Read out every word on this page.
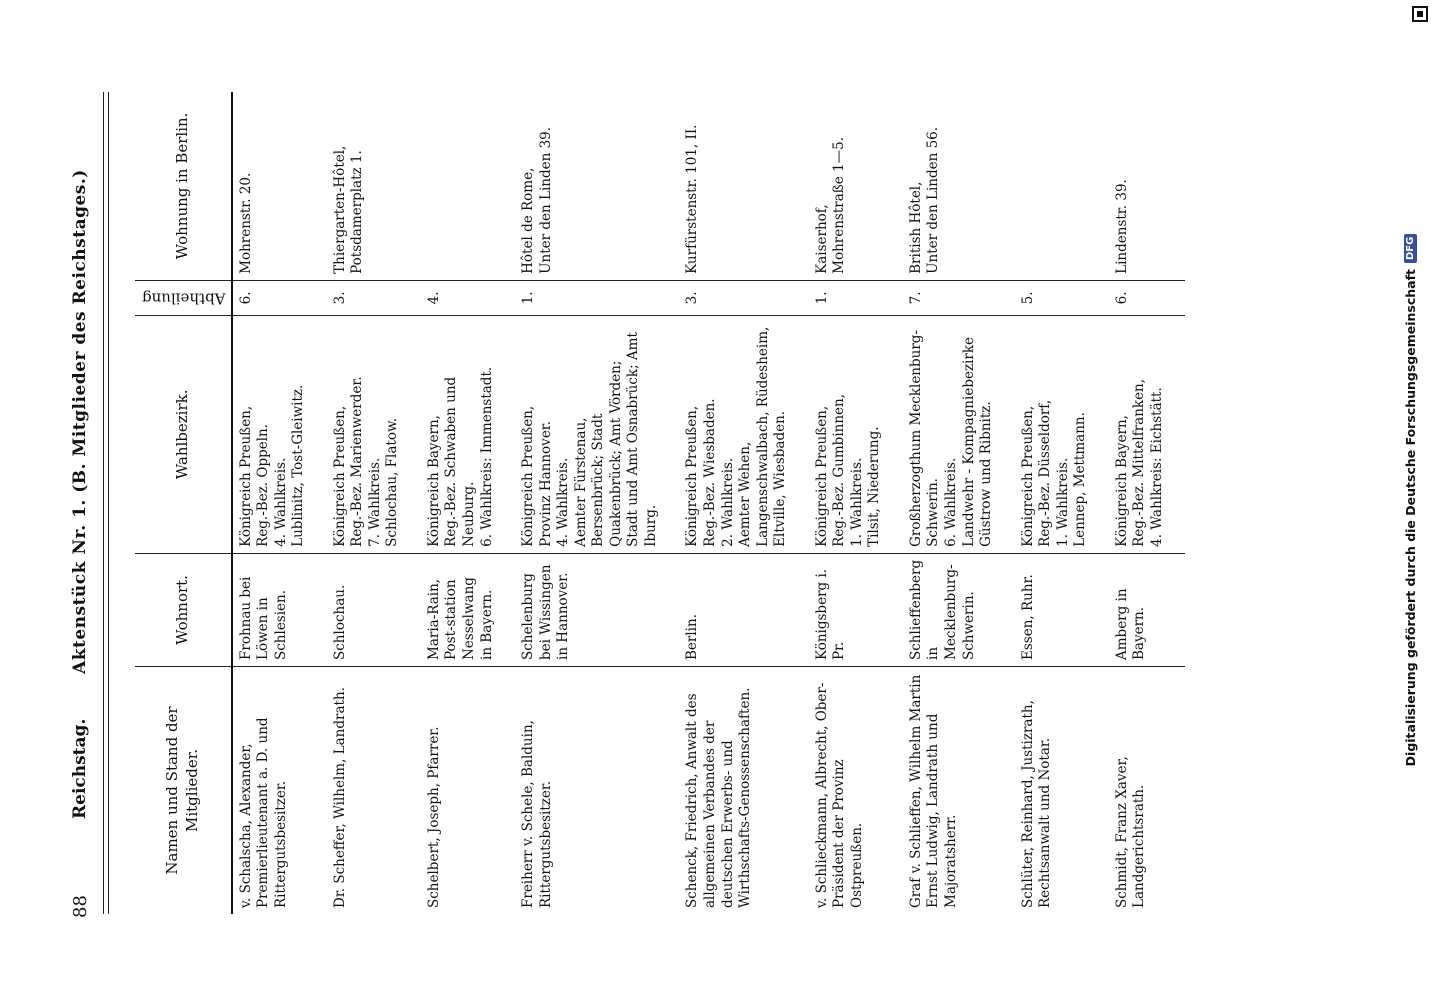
88
Reichstag.
Aktenstück Nr. 1. (B. Mitglieder des Reichstages.)
Namen und Stand der Mitglieder.	Wohnort.	Wahlbezirk.	Abtheilung	Wohnung in Berlin.
v. Schalscha, Alexander, Premierlieutenant a. D. und Rittergutsbesitzer.	Frohnau bei Löwen in Schlesien.	Königreich Preußen, Reg.-Bez. Oppeln. 4. Wahlkreis. Lublinitz, Tost-Gleiwitz.	6.	Mohrenstr. 20.

Dr. Scheffer, Wilhelm, Landrath.	Schlochau.	Königreich Preußen, Reg.-Bez. Marienwerder. 7. Wahlkreis. Schlochau, Flatow.	3.	Thiergarten-Hôtel, Potsdamerplatz 1.

Schelbert, Joseph, Pfarrer.	Maria-Rain, Post-station Nesselwang in Bayern.	Königreich Bayern, Reg.-Bez. Schwaben und Neuburg. 6. Wahlkreis: Immenstadt.	4.	

Freiherr v. Schele, Balduin, Rittergutsbesitzer.	Schelenburg bei Wissingen in Hannover.	Königreich Preußen, Provinz Hannover. 4. Wahlkreis. Aemter Fürstenau, Bersenbrück; Stadt Quakenbrück; Amt Vörden; Stadt und Amt Osnabrück; Amt Iburg.	1.	Hôtel de Rome, Unter den Linden 39.

Schenck, Friedrich, Anwalt des allgemeinen Verbandes der deutschen Erwerbs- und Wirthschafts-Genossenschaften.	Berlin.	Königreich Preußen, Reg.-Bez. Wiesbaden. 2. Wahlkreis. Aemter Wehen, Langenschwalbach, Rüdesheim, Eltville, Wiesbaden.	3.	Kurfürstenstr. 101, II.

v. Schlieckmann, Albrecht, Ober-Präsident der Provinz Ostpreußen.	Königsberg i. Pr.	Königreich Preußen, Reg.-Bez. Gumbinnen, 1. Wahlkreis. Tilsit, Niederung.	1.	Kaiserhof, Mohrenstraße 1—5.

Graf v. Schlieffen, Wilhelm Martin Ernst Ludwig, Landrath und Majoratsherr.	Schlieffenberg in Mecklenburg-Schwerin.	Großherzogthum Mecklenburg-Schwerin. 6. Wahlkreis. Landwehr - Kompagniebezirke Güstrow und Ribnitz.	7.	British Hôtel, Unter den Linden 56.

Schlüter, Reinhard, Justizrath, Rechtsanwalt und Notar.	Essen, Ruhr.	Königreich Preußen, Reg.-Bez. Düsseldorf, 1. Wahlkreis. Lennep, Mettmann.	5.	

Schmidt, Franz Xaver, Landgerichtsrath.	Amberg in Bayern.	Königreich Bayern, Reg.-Bez. Mittelfranken, 4. Wahlkreis: Eichstätt.	6.	Lindenstr. 39.
Digitalisierung gefördert durch die Deutsche Forschungsgemeinschaft
DFG
